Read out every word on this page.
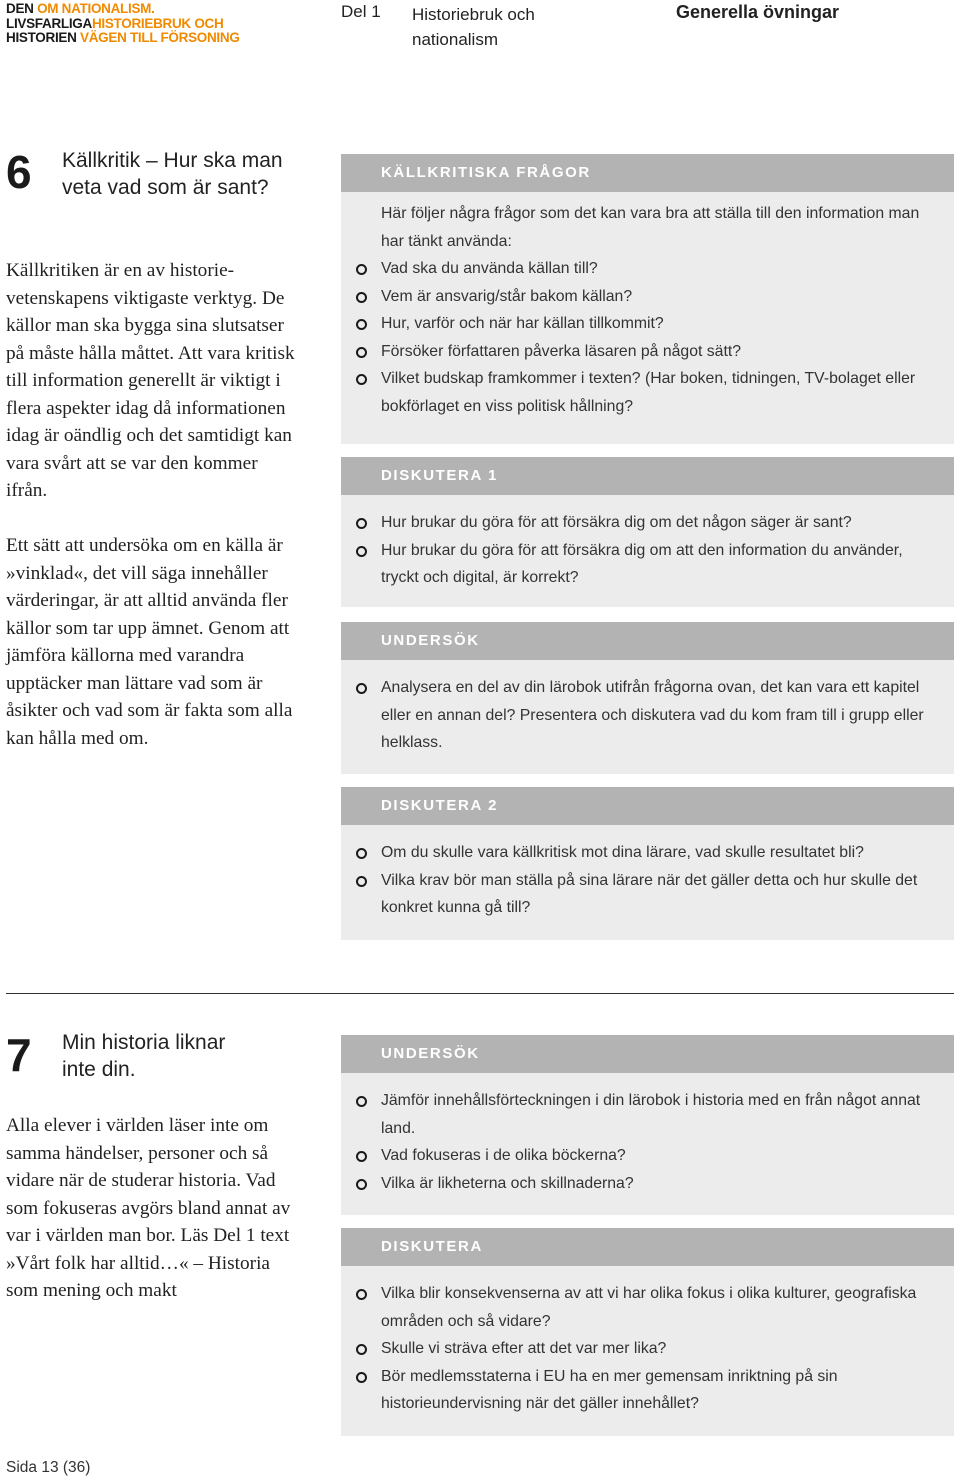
DEN OM NATIONALISM.
LIVSFARLIGAHISTORIEBRUK OCH
HISTORIEN VÄGEN TILL FÖRSONING
Del 1 Historiebruk och nationalism
Generella övningar
6 Källkritik – Hur ska man veta vad som är sant?

Källkritiken är en av historievetenskapens viktigaste verktyg. De källor man ska bygga sina slutsatser på måste hålla måttet. Att vara kritisk till information generellt är viktigt i flera aspekter idag då informationen idag är oändlig och det samtidigt kan vara svårt att se var den kommer ifrån.

Ett sätt att undersöka om en källa är »vinklad«, det vill säga innehåller värderingar, är att alltid använda fler källor som tar upp ämnet. Genom att jämföra källorna med varandra upptäcker man lättare vad som är åsikter och vad som är fakta som alla kan hålla med om.

KÄLLKRITISKA FRÅGOR

Här följer några frågor som det kan vara bra att ställa till den information man har tänkt använda:

Vad ska du använda källan till?
Vem är ansvarig/står bakom källan?
Hur, varför och när har källan tillkommit?
Försöker författaren påverka läsaren på något sätt?
Vilket budskap framkommer i texten? (Har boken, tidningen, TV-bolaget eller bokförlaget en viss politisk hållning?
DISKUTERA 1
Hur brukar du göra för att försäkra dig om det någon säger är sant?
Hur brukar du göra för att försäkra dig om att den information du använder, tryckt och digital, är korrekt?
UNDERSÖK
Analysera en del av din lärobok utifrån frågorna ovan, det kan vara ett kapitel eller en annan del? Presentera och diskutera vad du kom fram till i grupp eller helklass.
DISKUTERA 2
Om du skulle vara källkritisk mot dina lärare, vad skulle resultatet bli?
Vilka krav bör man ställa på sina lärare när det gäller detta och hur skulle det konkret kunna gå till?
7 Min historia liknar inte din.

Alla elever i världen läser inte om samma händelser, personer och så vidare när de studerar historia. Vad som fokuseras avgörs bland annat av var i världen man bor. Läs Del 1 text »Vårt folk har alltid…« – Historia som mening och makt

UNDERSÖK
Jämför innehållsförteckningen i din lärobok i historia med en från något annat land.
Vad fokuseras i de olika böckerna?
Vilka är likheterna och skillnaderna?
DISKUTERA
Vilka blir konsekvenserna av att vi har olika fokus i olika kulturer, geografiska områden och så vidare?
Skulle vi sträva efter att det var mer lika?
Bör medlemsstaterna i EU ha en mer gemensam inriktning på sin historieundervisning när det gäller innehållet?
Sida 13 (36)
